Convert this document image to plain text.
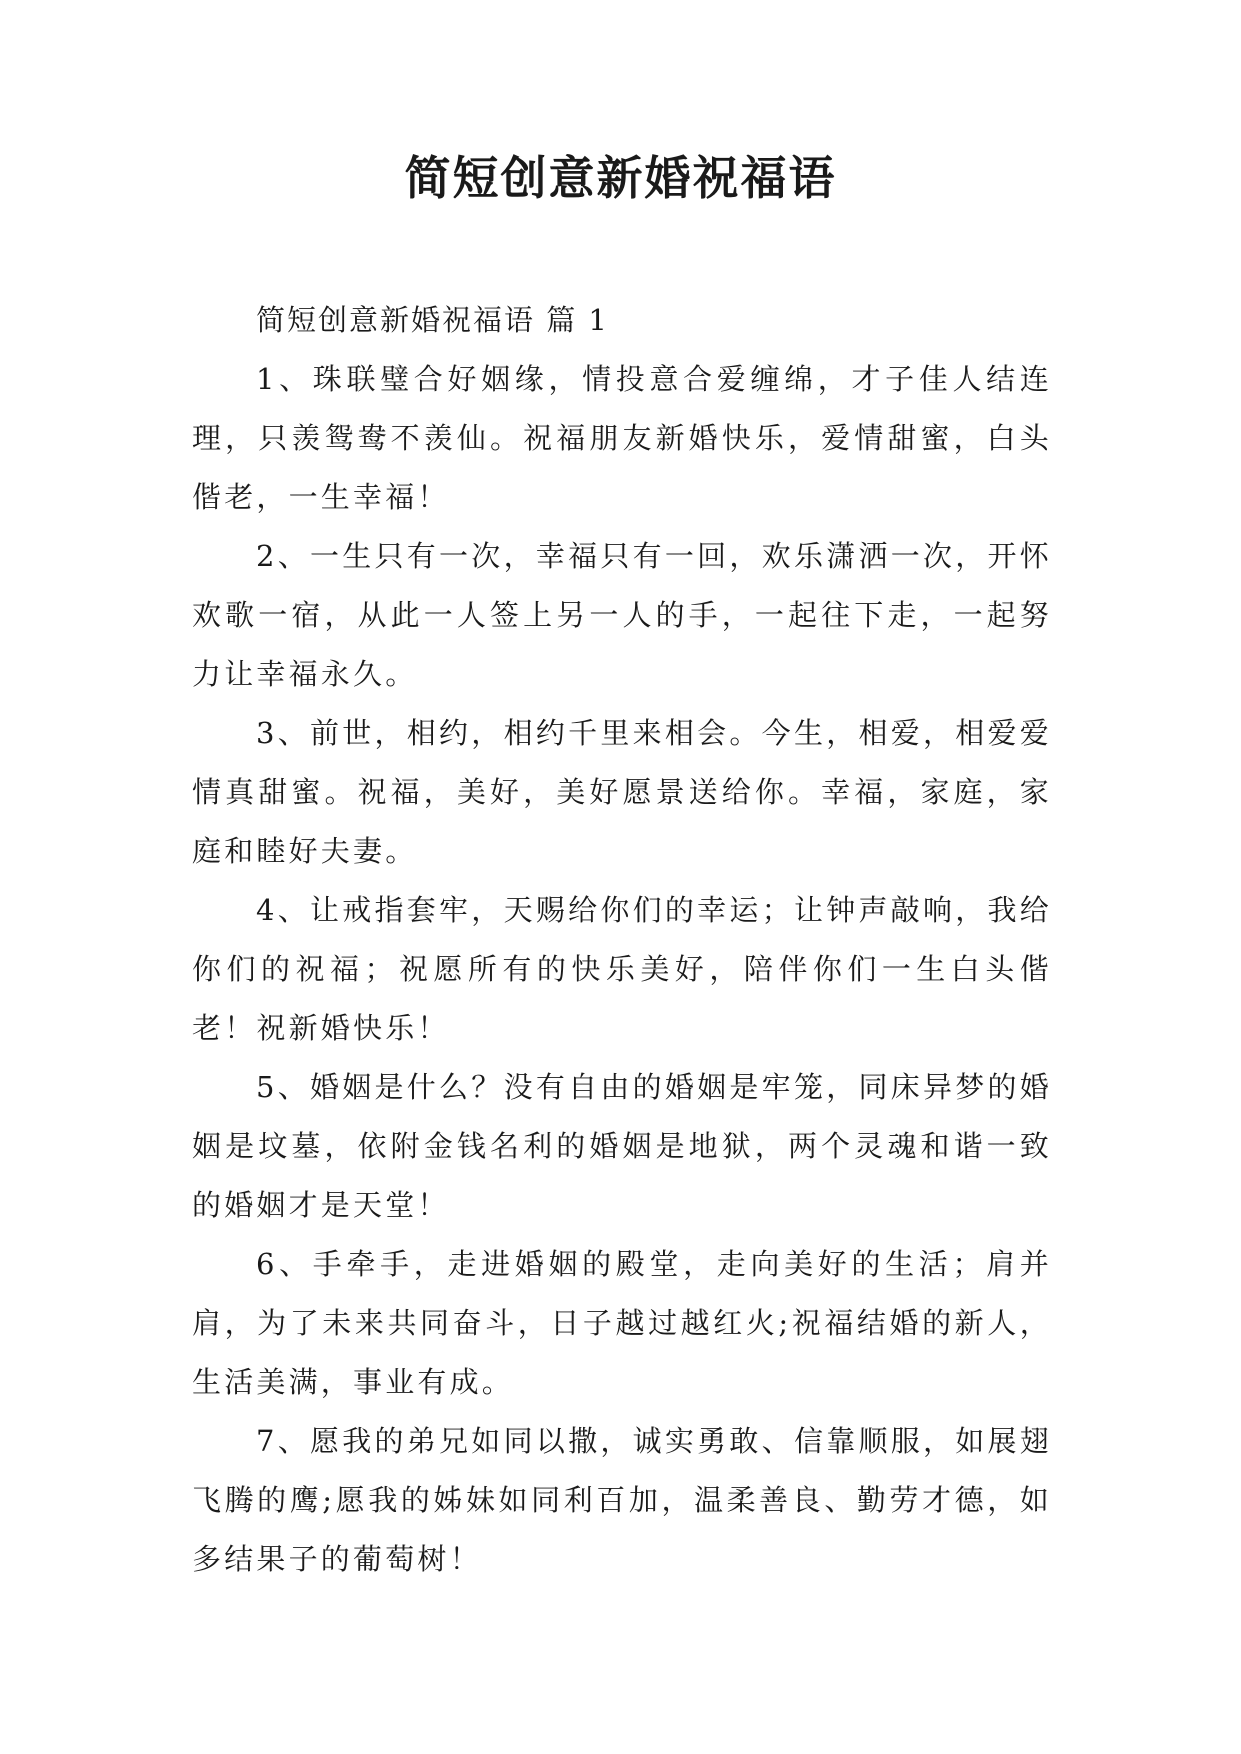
简短创意新婚祝福语
简短创意新婚祝福语 篇 1

1、珠联璧合好姻缘，情投意合爱缠绵，才子佳人结连理，只羡鸳鸯不羡仙。祝福朋友新婚快乐，爱情甜蜜，白头偕老，一生幸福！

2、一生只有一次，幸福只有一回，欢乐潇洒一次，开怀欢歌一宿，从此一人签上另一人的手，一起往下走，一起努力让幸福永久。

3、前世，相约，相约千里来相会。今生，相爱，相爱爱情真甜蜜。祝福，美好，美好愿景送给你。幸福，家庭，家庭和睦好夫妻。

4、让戒指套牢，天赐给你们的幸运；让钟声敲响，我给你们的祝福；祝愿所有的快乐美好，陪伴你们一生白头偕老！祝新婚快乐！

5、婚姻是什么？没有自由的婚姻是牢笼，同床异梦的婚姻是坟墓，依附金钱名利的婚姻是地狱，两个灵魂和谐一致的婚姻才是天堂！

6、手牵手，走进婚姻的殿堂，走向美好的生活；肩并肩，为了未来共同奋斗，日子越过越红火;祝福结婚的新人，生活美满，事业有成。

7、愿我的弟兄如同以撒，诚实勇敢、信靠顺服，如展翅飞腾的鹰;愿我的姊妹如同利百加，温柔善良、勤劳才德，如多结果子的葡萄树！
